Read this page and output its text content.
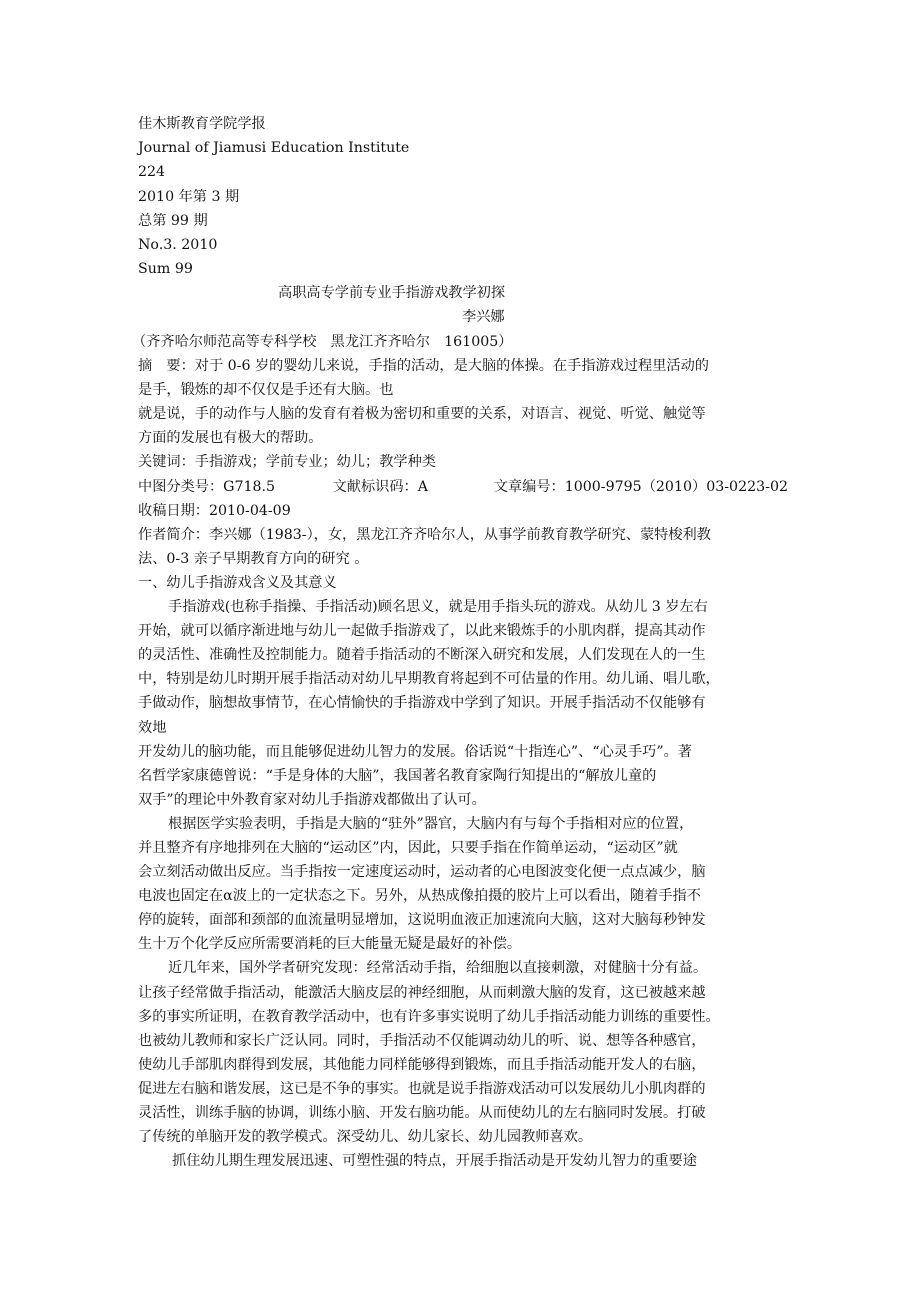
佳木斯教育学院学报
Journal of Jiamusi Education Institute
224
2010 年第 3 期
总第 99 期
No.3. 2010
Sum 99
高职高专学前专业手指游戏教学初探
李兴娜
（齐齐哈尔师范高等专科学校　黑龙江齐齐哈尔　161005）
摘　要：对于 0-6 岁的婴幼儿来说，手指的活动，是大脑的体操。在手指游戏过程里活动的
是手，锻炼的却不仅仅是手还有大脑。也
就是说，手的动作与人脑的发育有着极为密切和重要的关系，对语言、视觉、听觉、触觉等
方面的发展也有极大的帮助。
关键词：手指游戏；学前专业；幼儿；教学种类
中图分类号：G718.5	文献标识码：A	文章编号：1000-9795（2010）03-0223-02
收稿日期：2010-04-09
作者简介：李兴娜（1983-），女，黑龙江齐齐哈尔人，从事学前教育教学研究、蒙特梭利教
法、0-3 亲子早期教育方向的研究 。
一、幼儿手指游戏含义及其意义
手指游戏(也称手指操、手指活动)顾名思义，就是用手指头玩的游戏。从幼儿 3 岁左右
开始，就可以循序渐进地与幼儿一起做手指游戏了，以此来锻炼手的小肌肉群，提高其动作
的灵活性、准确性及控制能力。随着手指活动的不断深入研究和发展，人们发现在人的一生
中，特别是幼儿时期开展手指活动对幼儿早期教育将起到不可估量的作用。幼儿诵、唱儿歌，
手做动作，脑想故事情节，在心情愉快的手指游戏中学到了知识。开展手指活动不仅能够有
效地
开发幼儿的脑功能，而且能够促进幼儿智力的发展。俗话说“十指连心”、“心灵手巧”。著
名哲学家康德曾说：“手是身体的大脑”，我国著名教育家陶行知提出的“解放儿童的
双手”的理论中外教育家对幼儿手指游戏都做出了认可。
根据医学实验表明，手指是大脑的“驻外”器官，大脑内有与每个手指相对应的位置，
并且整齐有序地排列在大脑的“运动区”内，因此，只要手指在作简单运动，“运动区”就
会立刻活动做出反应。当手指按一定速度运动时，运动者的心电图波变化便一点点减少，脑
电波也固定在α波上的一定状态之下。另外，从热成像拍摄的胶片上可以看出，随着手指不
停的旋转，面部和颈部的血流量明显增加，这说明血液正加速流向大脑，这对大脑每秒钟发
生十万个化学反应所需要消耗的巨大能量无疑是最好的补偿。
近几年来，国外学者研究发现：经常活动手指，给细胞以直接刺激，对健脑十分有益。
让孩子经常做手指活动，能激活大脑皮层的神经细胞，从而刺激大脑的发育，这已被越来越
多的事实所证明，在教育教学活动中，也有许多事实说明了幼儿手指活动能力训练的重要性。
也被幼儿教师和家长广泛认同。同时，手指活动不仅能调动幼儿的听、说、想等各种感官，
使幼儿手部肌肉群得到发展，其他能力同样能够得到锻炼，而且手指活动能开发人的右脑，
促进左右脑和谐发展，这已是不争的事实。也就是说手指游戏活动可以发展幼儿小肌肉群的
灵活性，训练手脑的协调，训练小脑、开发右脑功能。从而使幼儿的左右脑同时发展。打破
了传统的单脑开发的教学模式。深受幼儿、幼儿家长、幼儿园教师喜欢。
抓住幼儿期生理发展迅速、可塑性强的特点，开展手指活动是开发幼儿智力的重要途
